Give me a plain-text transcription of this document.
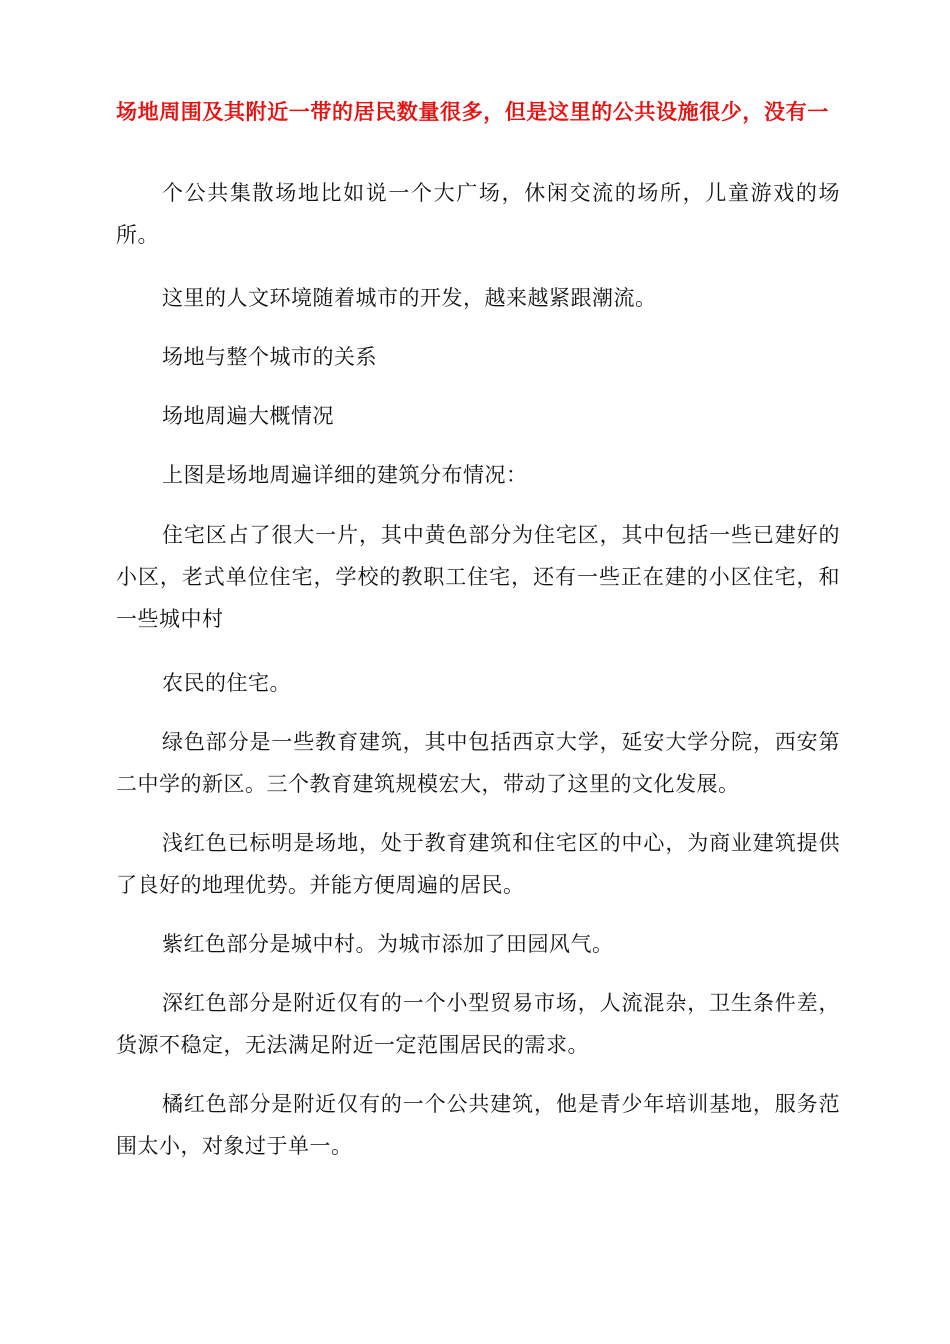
场地周围及其附近一带的居民数量很多，但是这里的公共设施很少，没有一

个公共集散场地比如说一个大广场，休闲交流的场所，儿童游戏的场所。

这里的人文环境随着城市的开发，越来越紧跟潮流。

场地与整个城市的关系

场地周遍大概情况

上图是场地周遍详细的建筑分布情况：

住宅区占了很大一片，其中黄色部分为住宅区，其中包括一些已建好的小区，老式单位住宅，学校的教职工住宅，还有一些正在建的小区住宅，和一些城中村

农民的住宅。

绿色部分是一些教育建筑，其中包括西京大学，延安大学分院，西安第二中学的新区。三个教育建筑规模宏大，带动了这里的文化发展。

浅红色已标明是场地，处于教育建筑和住宅区的中心，为商业建筑提供了良好的地理优势。并能方便周遍的居民。

紫红色部分是城中村。为城市添加了田园风气。

深红色部分是附近仅有的一个小型贸易市场，人流混杂，卫生条件差，货源不稳定，无法满足附近一定范围居民的需求。

橘红色部分是附近仅有的一个公共建筑，他是青少年培训基地，服务范围太小，对象过于单一。
